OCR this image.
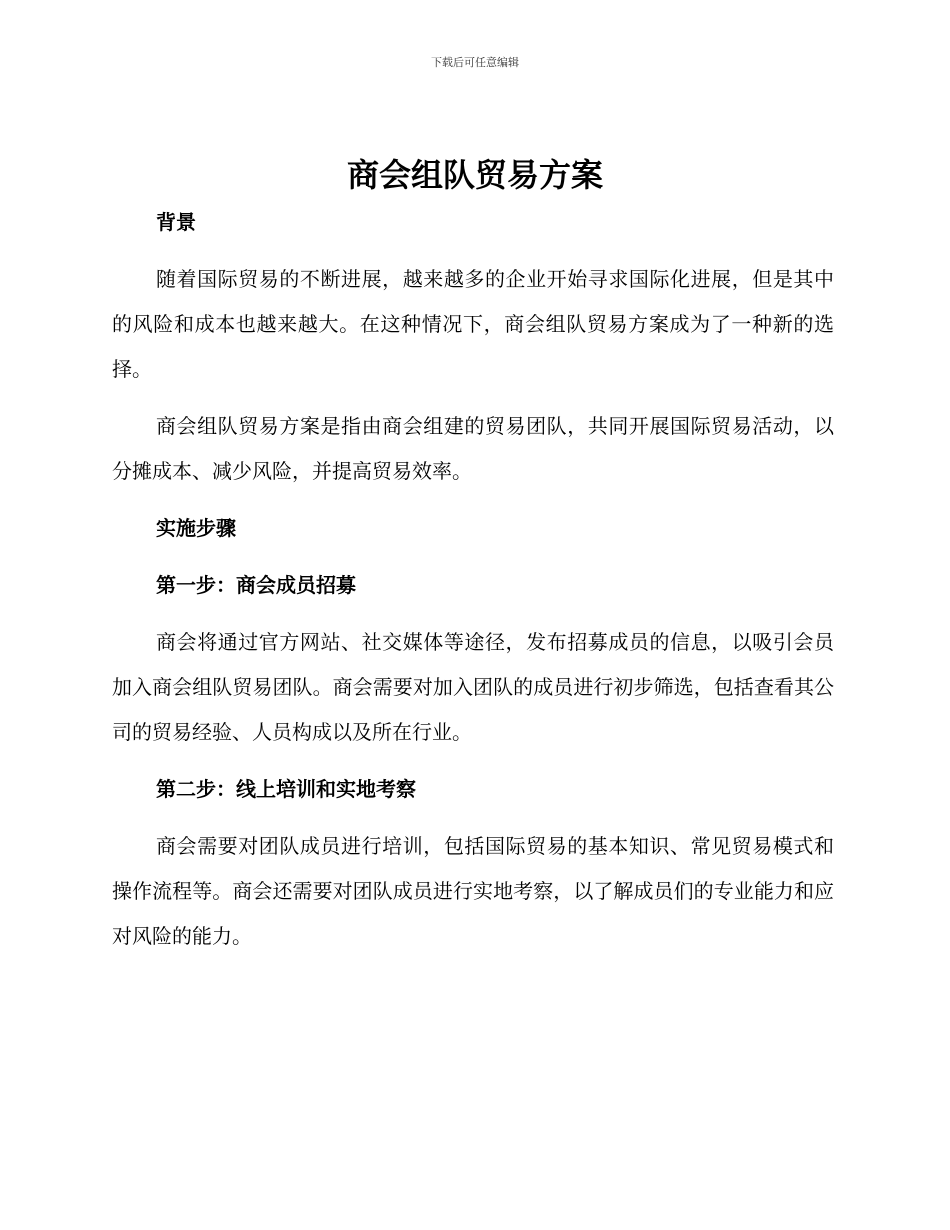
下载后可任意编辑
商会组队贸易方案
背景

随着国际贸易的不断进展，越来越多的企业开始寻求国际化进展，但是其中的风险和成本也越来越大。在这种情况下，商会组队贸易方案成为了一种新的选择。

商会组队贸易方案是指由商会组建的贸易团队，共同开展国际贸易活动，以分摊成本、减少风险，并提高贸易效率。

实施步骤
第一步：商会成员招募

商会将通过官方网站、社交媒体等途径，发布招募成员的信息，以吸引会员加入商会组队贸易团队。商会需要对加入团队的成员进行初步筛选，包括查看其公司的贸易经验、人员构成以及所在行业。

第二步：线上培训和实地考察

商会需要对团队成员进行培训，包括国际贸易的基本知识、常见贸易模式和操作流程等。商会还需要对团队成员进行实地考察，以了解成员们的专业能力和应对风险的能力。
